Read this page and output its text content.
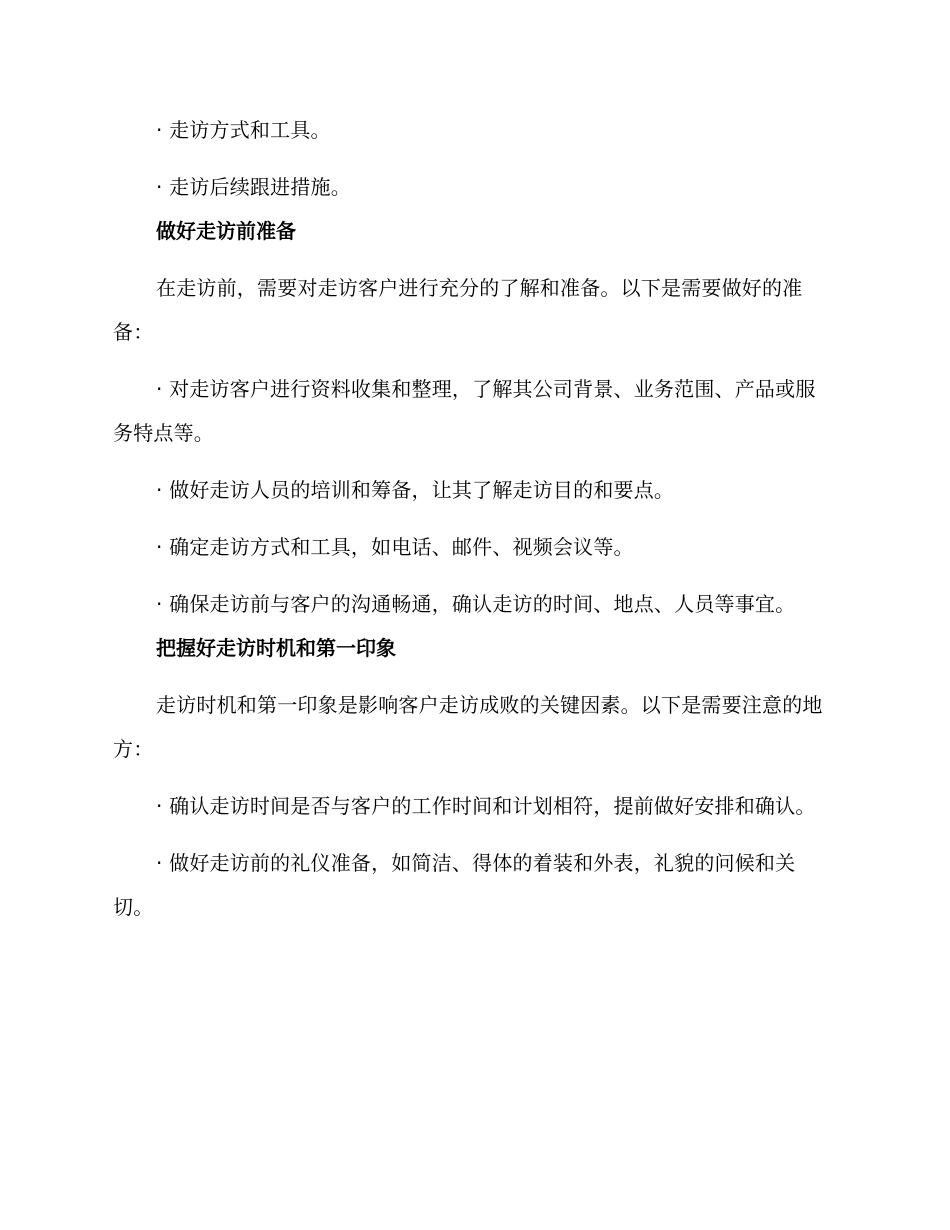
· 走访方式和工具。

· 走访后续跟进措施。

做好走访前准备

在走访前，需要对走访客户进行充分的了解和准备。以下是需要做好的准备：

· 对走访客户进行资料收集和整理，了解其公司背景、业务范围、产品或服务特点等。

· 做好走访人员的培训和筹备，让其了解走访目的和要点。

· 确定走访方式和工具，如电话、邮件、视频会议等。

· 确保走访前与客户的沟通畅通，确认走访的时间、地点、人员等事宜。

把握好走访时机和第一印象

走访时机和第一印象是影响客户走访成败的关键因素。以下是需要注意的地方：

· 确认走访时间是否与客户的工作时间和计划相符，提前做好安排和确认。

· 做好走访前的礼仪准备，如简洁、得体的着装和外表，礼貌的问候和关切。
